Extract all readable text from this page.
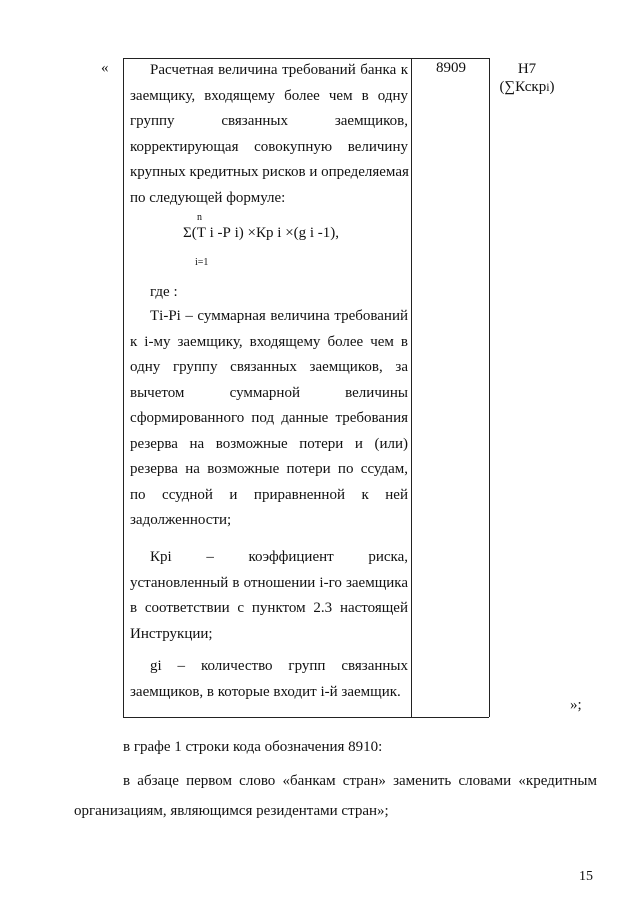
«	Расчетная величина требований банка к
заемщику, входящему более чем в одну
группу связанных заемщиков,
корректирующая совокупную величину
крупных кредитных рисков и определяемая
по следующей формуле:
n
Σ(Т i -Р i) ×Кр i ×(g i -1),
i=1
где :
Тi-Рi – суммарная величина требований
к i-му заемщику, входящему более чем в
одну группу связанных заемщиков, за
вычетом суммарной величины
сформированного под данные требования
резерва на возможные потери и (или)
резерва на возможные потери по ссудам,
по ссудной и приравненной к ней
задолженности;
Крi – коэффициент риска,
установленный в отношении i-го заемщика
в соответствии с пунктом 2.3 настоящей
Инструкции;
gi – количество групп связанных
заемщиков, в которые входит i-й заемщик.
8909	Н7
(∑Кскрi)
»;
в графе 1 строки кода обозначения 8910:
в абзаце первом слово «банкам стран» заменить словами «кредитным
организациям, являющимся резидентами стран»;
15
